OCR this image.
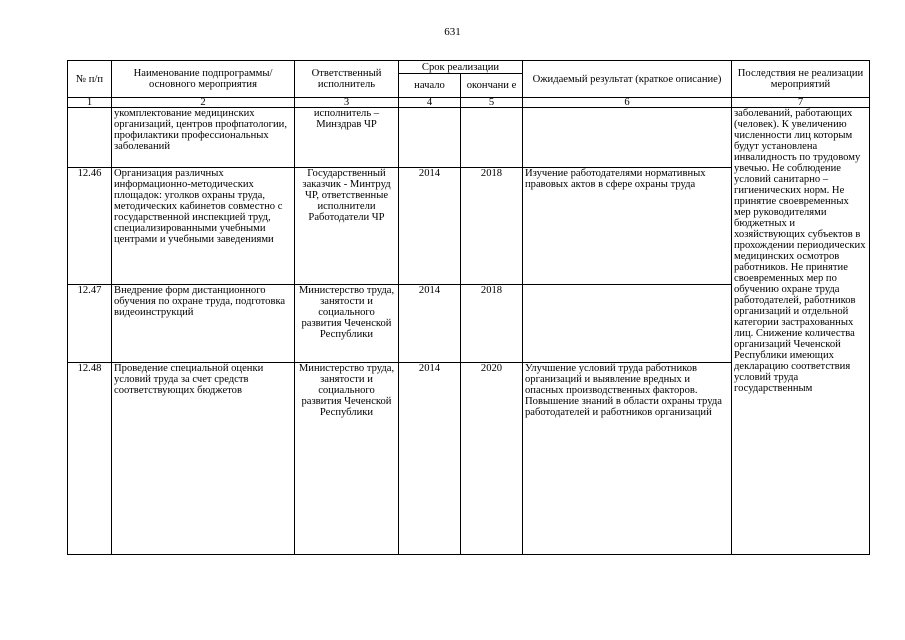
631
№ п/п	Наименование подпрограммы/ основного мероприятия	Ответственный исполнитель	Срок реализации		Ожидаемый результат (краткое описание)	Последствия не реализации мероприятий
			начало	окончани е		
1	2	3	4	5	6	7
	укомплектование медицинских организаций, центров профпатологии, профилактики профессиональных заболеваний	исполнитель – Минздрав ЧР				заболеваний, работающих (человек). К увеличению численности лиц которым будут установлена инвалидность по трудовому увечью. Не соблюдение условий санитарно – гигиенических норм. Не принятие своевременных мер руководителями бюджетных и хозяйствующих субъектов в прохождении периодических медицинских осмотров работников. Не принятие своевременных мер по обучению охране труда работодателей, работников организаций и отдельной категории застрахованных лиц. Снижение количества организаций Чеченской Республики имеющих декларацию соответствия условий труда государственным
12.46	Организация различных информационно-методических площадок: уголков охраны труда, методических кабинетов совместно с государственной инспекцией труд, специализированными учебными центрами и учебными заведениями	Государственный заказчик - Минтруд ЧР, ответственные исполнители Работодатели ЧР	2014	2018	Изучение работодателями нормативных правовых актов в сфере охраны труда	
12.47	Внедрение форм дистанционного обучения по охране труда, подготовка видеоинструкций	Министерство труда, занятости и социального развития Чеченской Республики	2014	2018		
12.48	Проведение специальной оценки условий труда за счет средств соответствующих бюджетов	Министерство труда, занятости и социального развития Чеченской Республики	2014	2020	Улучшение условий труда работников организаций и выявление вредных и опасных производственных факторов. Повышение знаний в области охраны труда работодателей и работников организаций	
